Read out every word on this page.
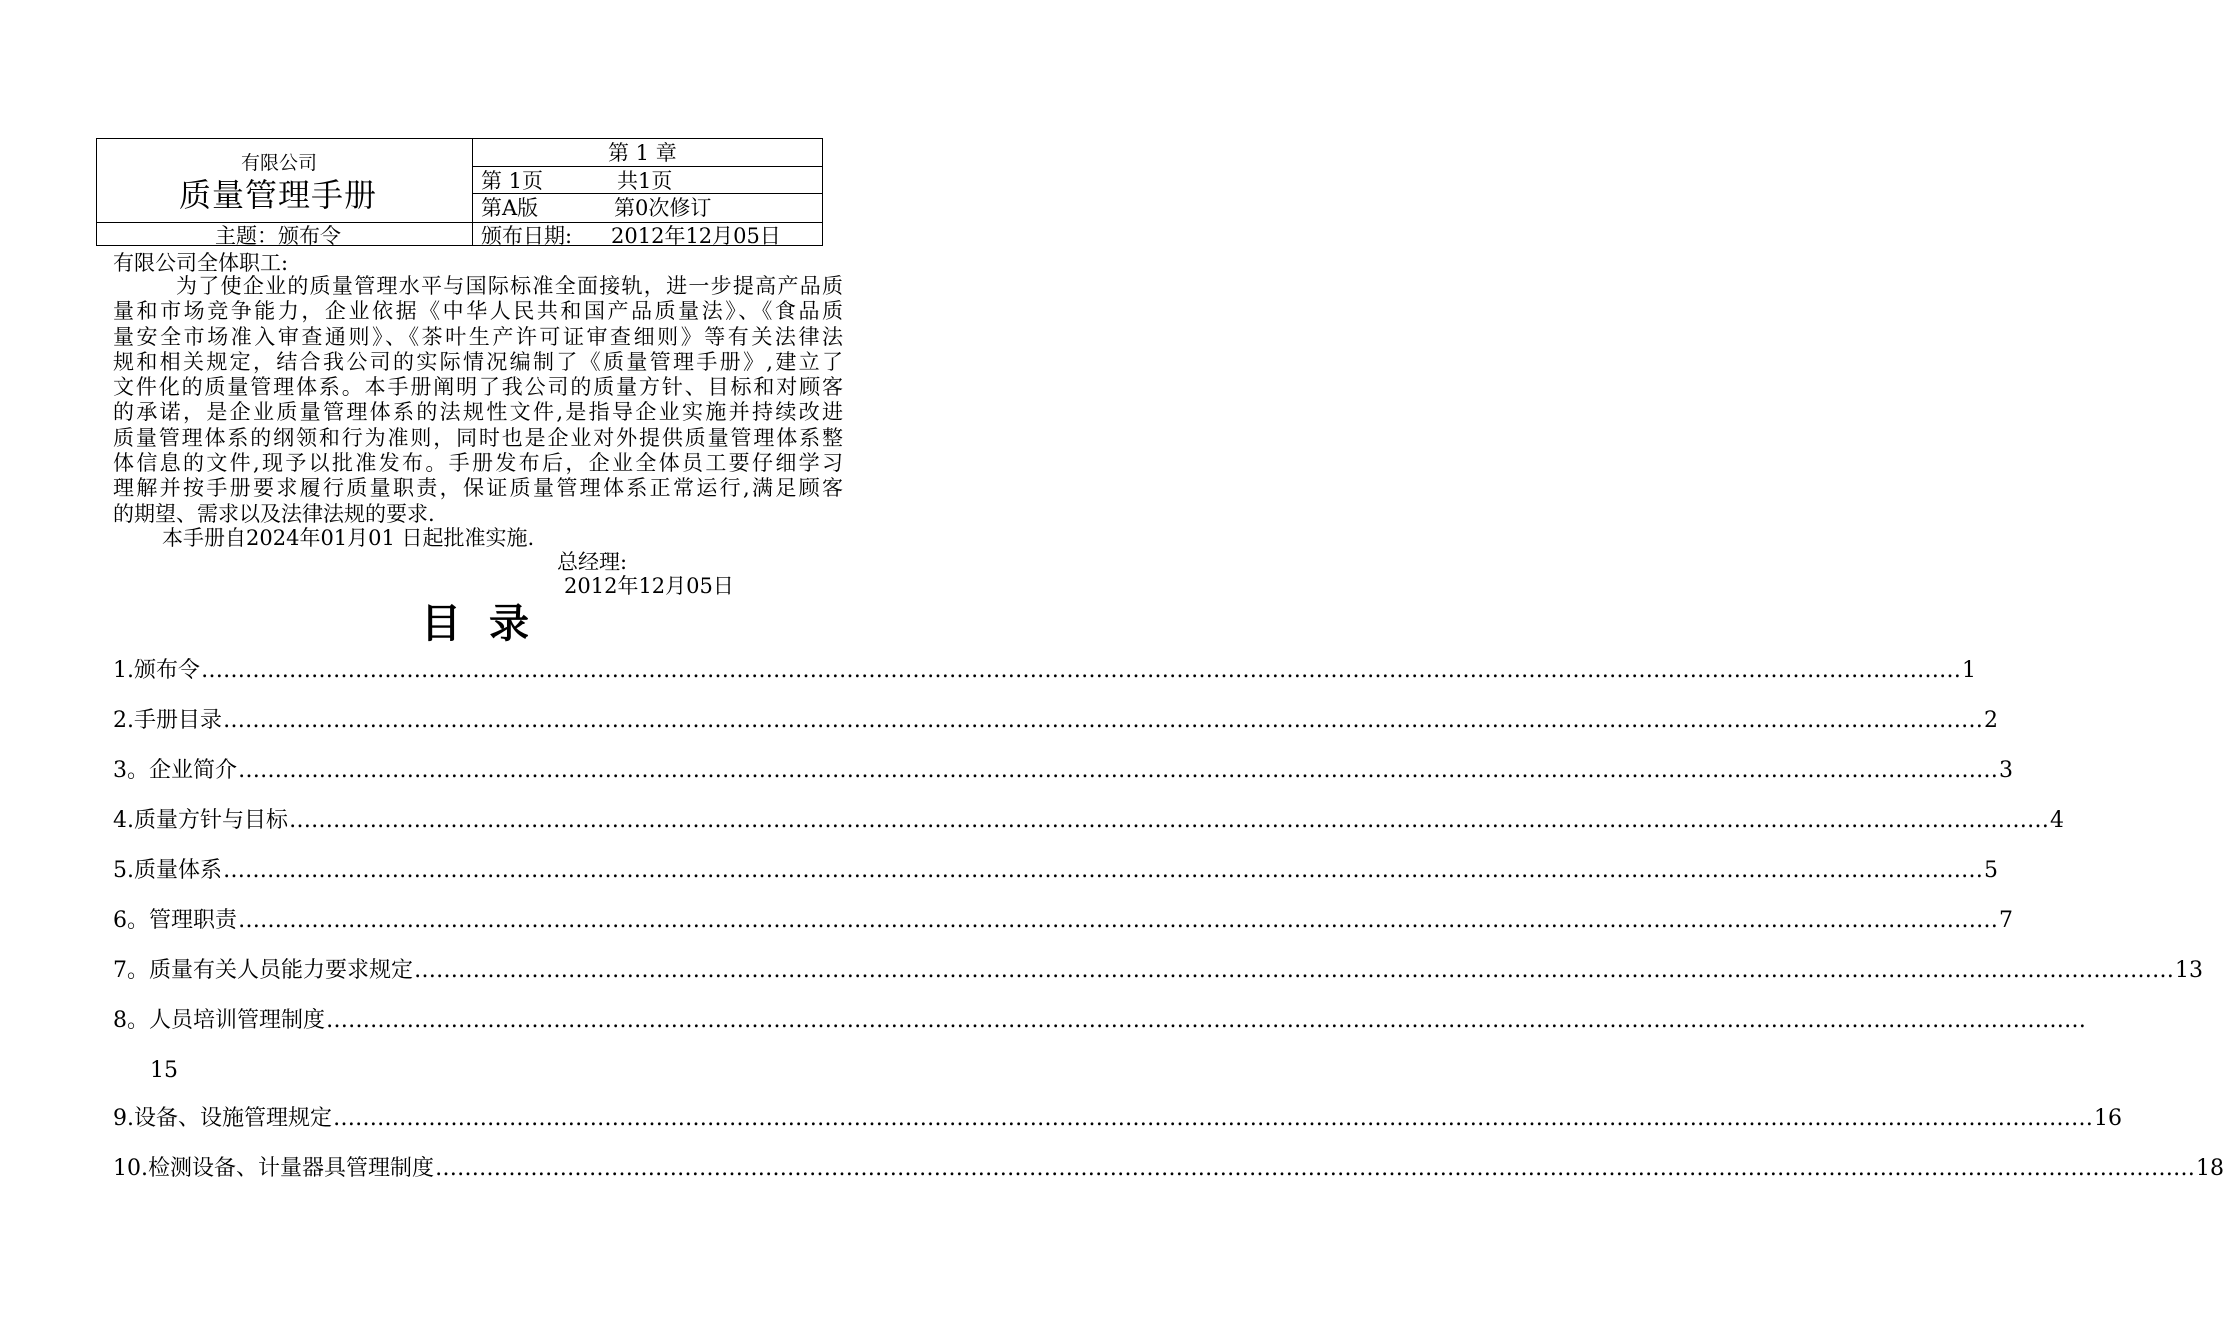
有限公司
质量管理手册
主题：颁布令
第 1 章
第 1页	共1页
第A版	第0次修订
颁布日期: 2012年12月05日
有限公司全体职工:
为了使企业的质量管理水平与国际标准全面接轨，进一步提高产品质
量和市场竞争能力，企业依据《中华人民共和国产品质量法》、《食品质
量安全市场准入审查通则》、《茶叶生产许可证审查细则》等有关法律法
规和相关规定，结合我公司的实际情况编制了《质量管理手册》,建立了
文件化的质量管理体系。本手册阐明了我公司的质量方针、目标和对顾客
的承诺，是企业质量管理体系的法规性文件,是指导企业实施并持续改进
质量管理体系的纲领和行为准则，同时也是企业对外提供质量管理体系整
体信息的文件,现予以批准发布。手册发布后，企业全体员工要仔细学习
理解并按手册要求履行质量职责，保证质量管理体系正常运行,满足顾客
的期望、需求以及法律法规的要求.
本手册自2024年01月01 日起批准实施.
总经理:
2012年12月05日
目录
1.颁布令 …………………………………………………………………………………………………………………………………………………………………………………………………………………… 1
2.手册目录 …………………………………………………………………………………………………………………………………………………………………………………………………………………… 2
3。企业简介 …………………………………………………………………………………………………………………………………………………………………………………………………………………… 3
4.质量方针与目标 …………………………………………………………………………………………………………………………………………………………………………………………………………………… 4
5.质量体系 …………………………………………………………………………………………………………………………………………………………………………………………………………………… 5
6。管理职责 …………………………………………………………………………………………………………………………………………………………………………………………………………………… 7
7。质量有关人员能力要求规定 …………………………………………………………………………………………………………………………………………………………………………………………………………………… 13
8。人员培训管理制度 ……………………………………………………………………………………………………………………………………………………………………………………………………………………
15
9.设备、设施管理规定 …………………………………………………………………………………………………………………………………………………………………………………………………………………… 16
10.检测设备、计量器具管理制度 …………………………………………………………………………………………………………………………………………………………………………………………………………………… 18
